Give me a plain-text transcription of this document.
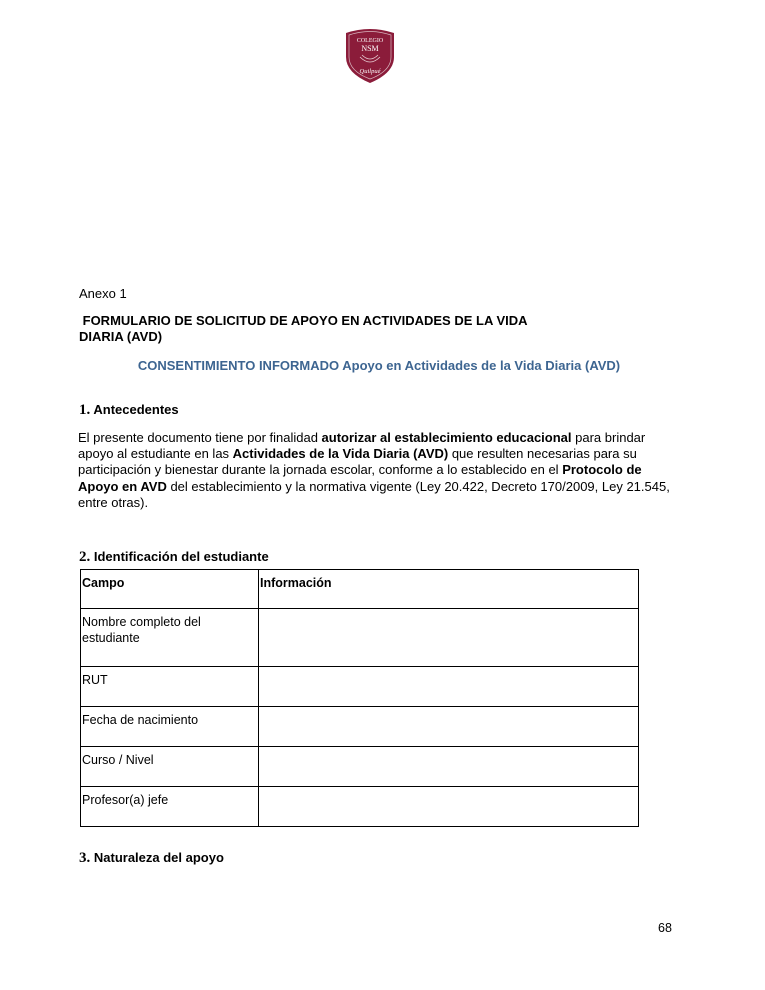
COLEGIO
NSM
Quilpué
Anexo 1
FORMULARIO DE SOLICITUD DE APOYO EN ACTIVIDADES DE LA VIDA DIARIA (AVD)
CONSENTIMIENTO INFORMADO Apoyo en Actividades de la Vida Diaria (AVD)
1. Antecedentes
El presente documento tiene por finalidad autorizar al establecimiento educacional para brindar apoyo al estudiante en las Actividades de la Vida Diaria (AVD) que resulten necesarias para su participación y bienestar durante la jornada escolar, conforme a lo establecido en el Protocolo de Apoyo en AVD del establecimiento y la normativa vigente (Ley 20.422, Decreto 170/2009, Ley 21.545, entre otras).
2. Identificación del estudiante
Campo	Información
Nombre completo del estudiante	
RUT	
Fecha de nacimiento	
Curso / Nivel	
Profesor(a) jefe	
3. Naturaleza del apoyo
68
